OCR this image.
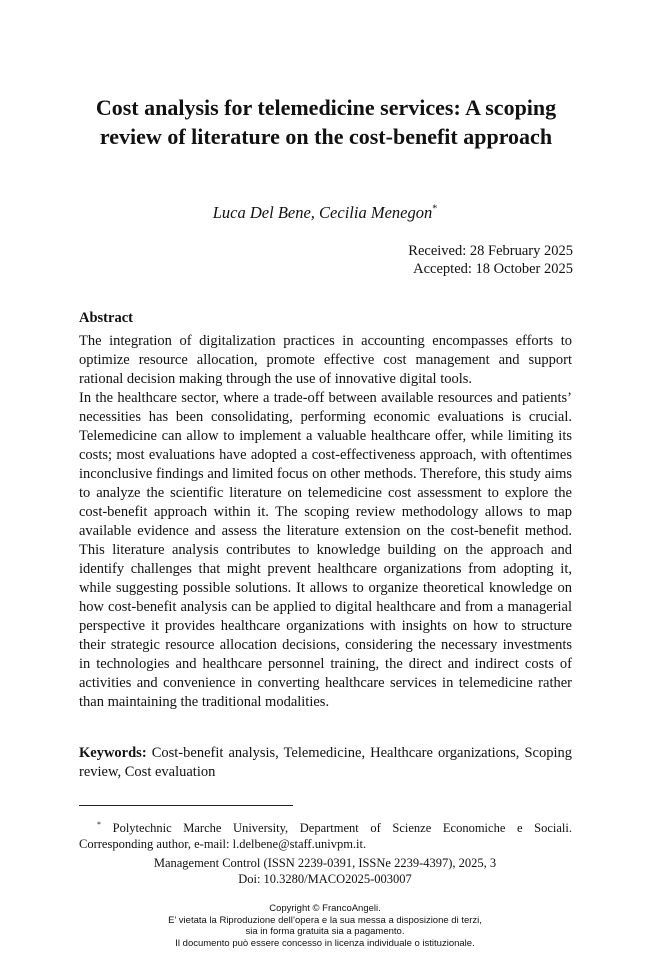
Cost analysis for telemedicine services: A scoping review of literature on the cost-benefit approach
Luca Del Bene, Cecilia Menegon*
Received: 28 February 2025
Accepted: 18 October 2025
Abstract

The integration of digitalization practices in accounting encompasses efforts to optimize resource allocation, promote effective cost management and support rational decision making through the use of innovative digital tools.

In the healthcare sector, where a trade-off between available resources and patients’ necessities has been consolidating, performing economic evaluations is crucial. Telemedicine can allow to implement a valuable healthcare offer, while limiting its costs; most evaluations have adopted a cost-effectiveness approach, with oftentimes inconclusive findings and limited focus on other methods. Therefore, this study aims to analyze the scientific literature on telemedicine cost assessment to explore the cost-benefit approach within it. The scoping review methodology allows to map available evidence and assess the literature extension on the cost-benefit method. This literature analysis contributes to knowledge building on the approach and identify challenges that might prevent healthcare organizations from adopting it, while suggesting possible solutions. It allows to organize theoretical knowledge on how cost-benefit analysis can be applied to digital healthcare and from a managerial perspective it provides healthcare organizations with insights on how to structure their strategic resource allocation decisions, considering the necessary investments in technologies and healthcare personnel training, the direct and indirect costs of activities and convenience in converting healthcare services in telemedicine rather than maintaining the traditional modalities.

Keywords: Cost-benefit analysis, Telemedicine, Healthcare organizations, Scoping review, Cost evaluation
* Polytechnic Marche University, Department of Scienze Economiche e Sociali. Corresponding author, e-mail: l.delbene@staff.univpm.it.
Management Control (ISSN 2239-0391, ISSNe 2239-4397), 2025, 3
Doi: 10.3280/MACO2025-003007
Copyright © FrancoAngeli.
E’ vietata la Riproduzione dell’opera e la sua messa a disposizione di terzi,
sia in forma gratuita sia a pagamento.
Il documento può essere concesso in licenza individuale o istituzionale.
